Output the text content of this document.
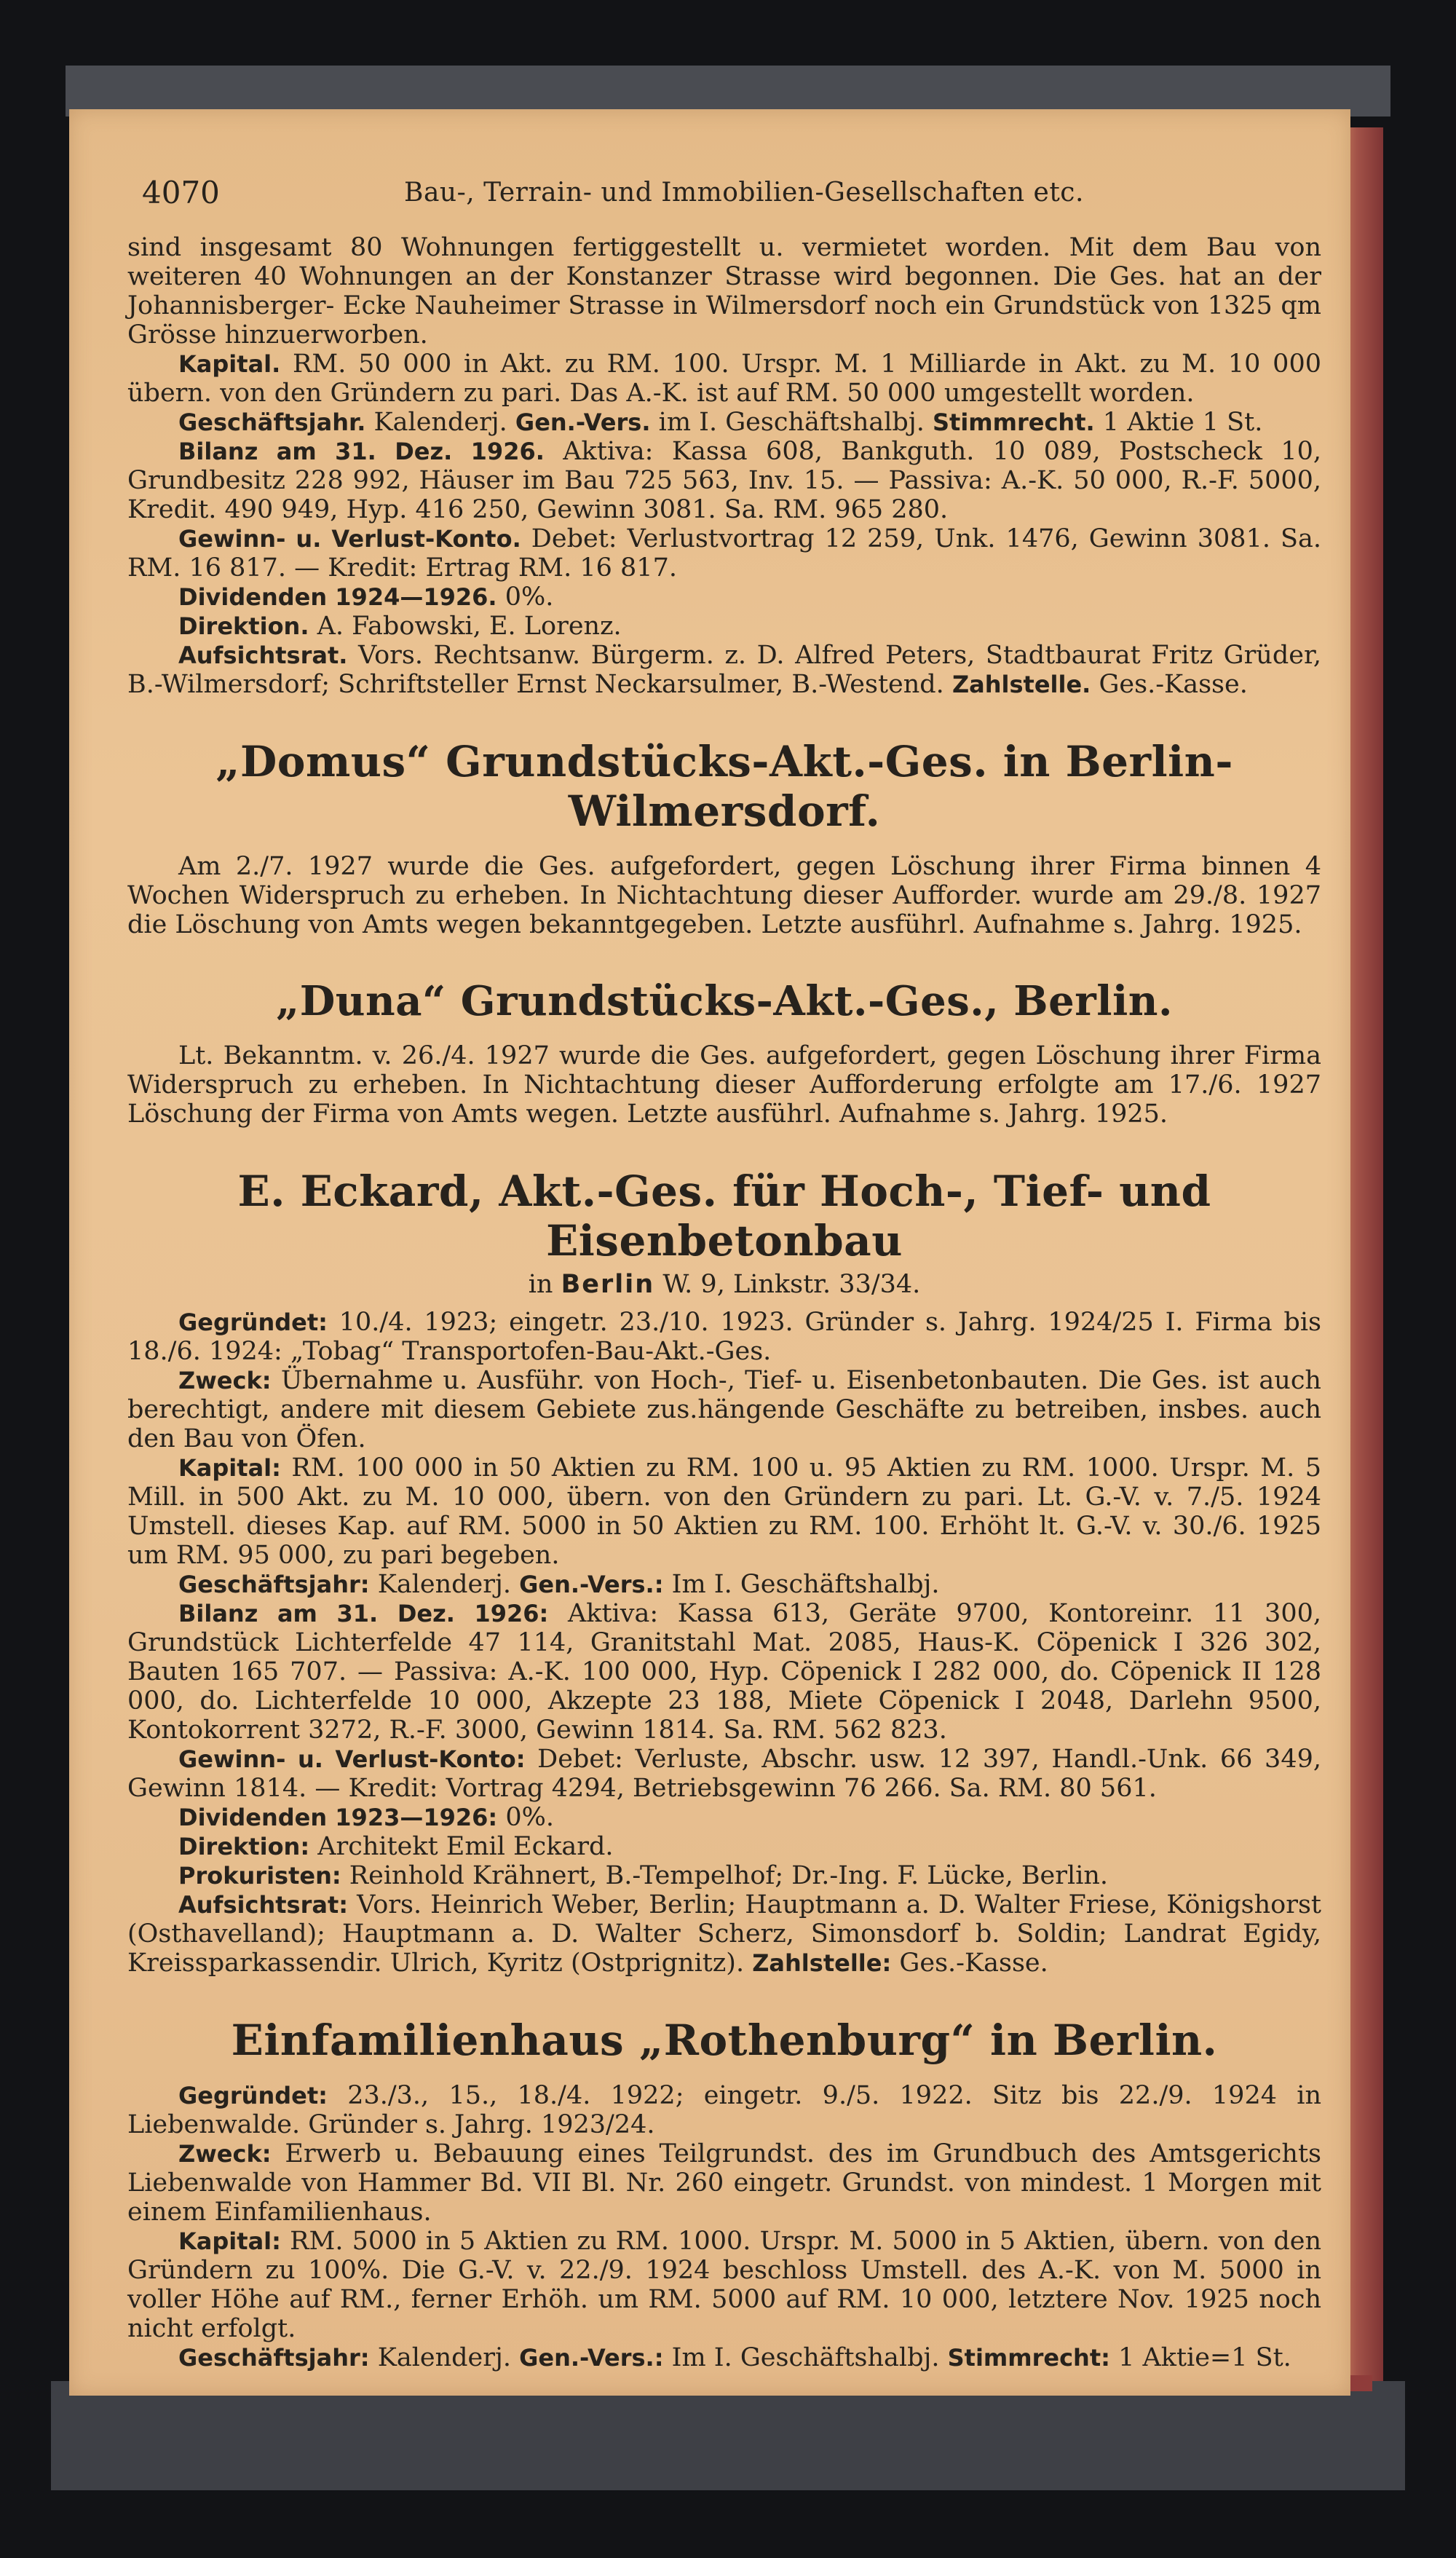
4070	Bau-, Terrain- und Immobilien-Gesellschaften etc.

sind insgesamt 80 Wohnungen fertiggestellt u. vermietet worden. Mit dem Bau von weiteren 40 Wohnungen an der Konstanzer Strasse wird begonnen. Die Ges. hat an der Johannisberger- Ecke Nauheimer Strasse in Wilmersdorf noch ein Grundstück von 1325 qm Grösse hinzuerworben.

Kapital. RM. 50 000 in Akt. zu RM. 100. Urspr. M. 1 Milliarde in Akt. zu M. 10 000 übern. von den Gründern zu pari. Das A.-K. ist auf RM. 50 000 umgestellt worden.

Geschäftsjahr. Kalenderj. Gen.-Vers. im I. Geschäftshalbj. Stimmrecht. 1 Aktie 1 St.

Bilanz am 31. Dez. 1926. Aktiva: Kassa 608, Bankguth. 10 089, Postscheck 10, Grundbesitz 228 992, Häuser im Bau 725 563, Inv. 15. — Passiva: A.-K. 50 000, R.-F. 5000, Kredit. 490 949, Hyp. 416 250, Gewinn 3081. Sa. RM. 965 280.

Gewinn- u. Verlust-Konto. Debet: Verlustvortrag 12 259, Unk. 1476, Gewinn 3081. Sa. RM. 16 817. — Kredit: Ertrag RM. 16 817.

Dividenden 1924—1926. 0%.

Direktion. A. Fabowski, E. Lorenz.

Aufsichtsrat. Vors. Rechtsanw. Bürgerm. z. D. Alfred Peters, Stadtbaurat Fritz Grüder, B.-Wilmersdorf; Schriftsteller Ernst Neckarsulmer, B.-Westend. Zahlstelle. Ges.-Kasse.

„Domus“ Grundstücks-Akt.-Ges. in Berlin-Wilmersdorf.

Am 2./7. 1927 wurde die Ges. aufgefordert, gegen Löschung ihrer Firma binnen 4 Wochen Widerspruch zu erheben. In Nichtachtung dieser Aufforder. wurde am 29./8. 1927 die Löschung von Amts wegen bekanntgegeben. Letzte ausführl. Aufnahme s. Jahrg. 1925.

„Duna“ Grundstücks-Akt.-Ges., Berlin.

Lt. Bekanntm. v. 26./4. 1927 wurde die Ges. aufgefordert, gegen Löschung ihrer Firma Widerspruch zu erheben. In Nichtachtung dieser Aufforderung erfolgte am 17./6. 1927 Löschung der Firma von Amts wegen. Letzte ausführl. Aufnahme s. Jahrg. 1925.

E. Eckard, Akt.-Ges. für Hoch-, Tief- und Eisenbetonbau
in Berlin W. 9, Linkstr. 33/34.

Gegründet: 10./4. 1923; eingetr. 23./10. 1923. Gründer s. Jahrg. 1924/25 I. Firma bis 18./6. 1924: „Tobag“ Transportofen-Bau-Akt.-Ges.

Zweck: Übernahme u. Ausführ. von Hoch-, Tief- u. Eisenbetonbauten. Die Ges. ist auch berechtigt, andere mit diesem Gebiete zus.hängende Geschäfte zu betreiben, insbes. auch den Bau von Öfen.

Kapital: RM. 100 000 in 50 Aktien zu RM. 100 u. 95 Aktien zu RM. 1000. Urspr. M. 5 Mill. in 500 Akt. zu M. 10 000, übern. von den Gründern zu pari. Lt. G.-V. v. 7./5. 1924 Umstell. dieses Kap. auf RM. 5000 in 50 Aktien zu RM. 100. Erhöht lt. G.-V. v. 30./6. 1925 um RM. 95 000, zu pari begeben.

Geschäftsjahr: Kalenderj. Gen.-Vers.: Im I. Geschäftshalbj.

Bilanz am 31. Dez. 1926: Aktiva: Kassa 613, Geräte 9700, Kontoreinr. 11 300, Grundstück Lichterfelde 47 114, Granitstahl Mat. 2085, Haus-K. Cöpenick I 326 302, Bauten 165 707. — Passiva: A.-K. 100 000, Hyp. Cöpenick I 282 000, do. Cöpenick II 128 000, do. Lichterfelde 10 000, Akzepte 23 188, Miete Cöpenick I 2048, Darlehn 9500, Kontokorrent 3272, R.-F. 3000, Gewinn 1814. Sa. RM. 562 823.

Gewinn- u. Verlust-Konto: Debet: Verluste, Abschr. usw. 12 397, Handl.-Unk. 66 349, Gewinn 1814. — Kredit: Vortrag 4294, Betriebsgewinn 76 266. Sa. RM. 80 561.

Dividenden 1923—1926: 0%.

Direktion: Architekt Emil Eckard.

Prokuristen: Reinhold Krähnert, B.-Tempelhof; Dr.-Ing. F. Lücke, Berlin.

Aufsichtsrat: Vors. Heinrich Weber, Berlin; Hauptmann a. D. Walter Friese, Königshorst (Osthavelland); Hauptmann a. D. Walter Scherz, Simonsdorf b. Soldin; Landrat Egidy, Kreissparkassendir. Ulrich, Kyritz (Ostprignitz). Zahlstelle: Ges.-Kasse.

Einfamilienhaus „Rothenburg“ in Berlin.

Gegründet: 23./3., 15., 18./4. 1922; eingetr. 9./5. 1922. Sitz bis 22./9. 1924 in Liebenwalde. Gründer s. Jahrg. 1923/24.

Zweck: Erwerb u. Bebauung eines Teilgrundst. des im Grundbuch des Amtsgerichts Liebenwalde von Hammer Bd. VII Bl. Nr. 260 eingetr. Grundst. von mindest. 1 Morgen mit einem Einfamilienhaus.

Kapital: RM. 5000 in 5 Aktien zu RM. 1000. Urspr. M. 5000 in 5 Aktien, übern. von den Gründern zu 100%. Die G.-V. v. 22./9. 1924 beschloss Umstell. des A.-K. von M. 5000 in voller Höhe auf RM., ferner Erhöh. um RM. 5000 auf RM. 10 000, letztere Nov. 1925 noch nicht erfolgt.

Geschäftsjahr: Kalenderj. Gen.-Vers.: Im I. Geschäftshalbj. Stimmrecht: 1 Aktie=1 St.
